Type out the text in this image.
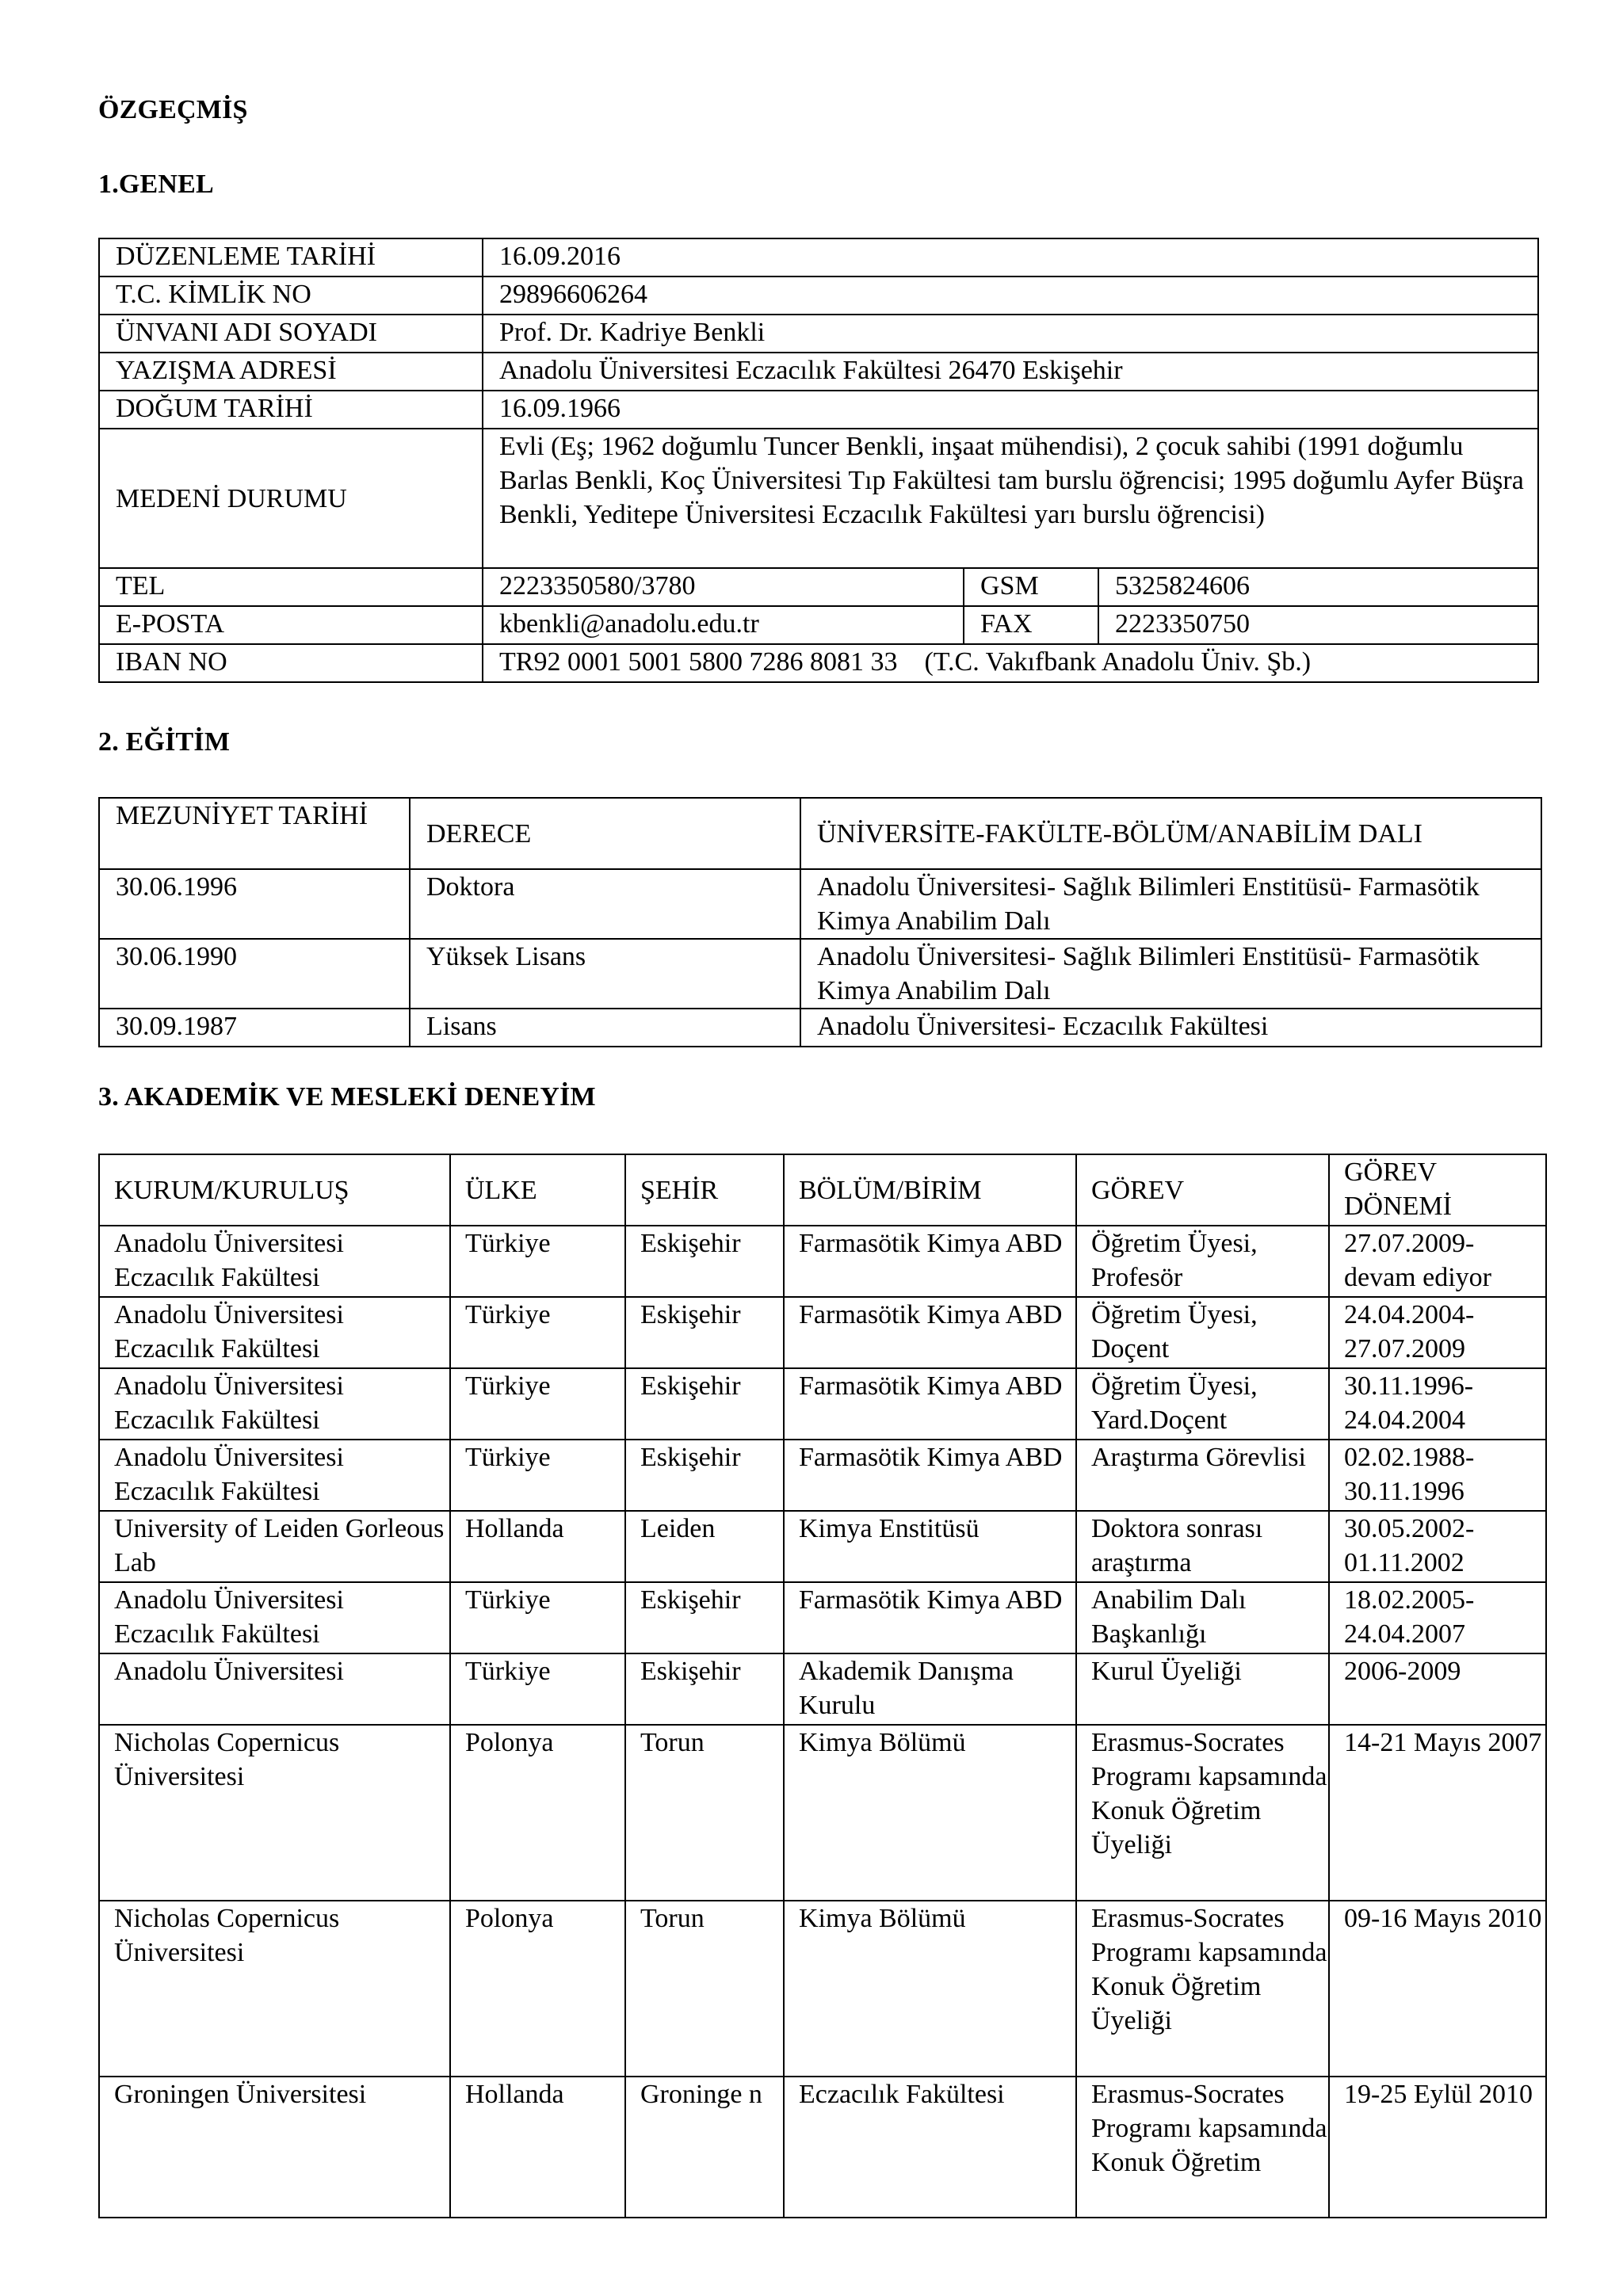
ÖZGEÇMİŞ
1.GENEL
DÜZENLEME TARİHİ	16.09.2016		
T.C. KİMLİK NO	29896606264		
ÜNVANI ADI SOYADI	Prof. Dr. Kadriye Benkli		
YAZIŞMA ADRESİ	Anadolu Üniversitesi Eczacılık Fakültesi 26470 Eskişehir		
DOĞUM TARİHİ	16.09.1966		
MEDENİ DURUMU	Evli (Eş; 1962 doğumlu Tuncer Benkli, inşaat mühendisi), 2 çocuk sahibi (1991 doğumlu Barlas Benkli, Koç Üniversitesi Tıp Fakültesi tam burslu öğrencisi; 1995 doğumlu Ayfer Büşra Benkli, Yeditepe Üniversitesi Eczacılık Fakültesi yarı burslu öğrencisi)		
TEL	2223350580/3780	GSM	5325824606
E-POSTA	kbenkli@anadolu.edu.tr	FAX	2223350750
IBAN NO	TR92 0001 5001 5800 7286 8081 33    (T.C. Vakıfbank Anadolu Üniv. Şb.)		
2. EĞİTİM
MEZUNİYET TARİHİ	DERECE	ÜNİVERSİTE-FAKÜLTE-BÖLÜM/ANABİLİM DALI
30.06.1996	Doktora	Anadolu Üniversitesi- Sağlık Bilimleri Enstitüsü- Farmasötik Kimya Anabilim Dalı
30.06.1990	Yüksek Lisans	Anadolu Üniversitesi- Sağlık Bilimleri Enstitüsü- Farmasötik Kimya Anabilim Dalı
30.09.1987	Lisans	Anadolu Üniversitesi- Eczacılık Fakültesi
3. AKADEMİK VE MESLEKİ DENEYİM
KURUM/KURULUŞ	ÜLKE	ŞEHİR	BÖLÜM/BİRİM	GÖREV	GÖREV DÖNEMİ
Anadolu Üniversitesi Eczacılık Fakültesi	Türkiye	Eskişehir	Farmasötik Kimya ABD	Öğretim Üyesi, Profesör	27.07.2009- devam ediyor
Anadolu Üniversitesi Eczacılık Fakültesi	Türkiye	Eskişehir	Farmasötik Kimya ABD	Öğretim Üyesi, Doçent	24.04.2004- 27.07.2009
Anadolu Üniversitesi Eczacılık Fakültesi	Türkiye	Eskişehir	Farmasötik Kimya ABD	Öğretim Üyesi, Yard.Doçent	30.11.1996- 24.04.2004
Anadolu Üniversitesi Eczacılık Fakültesi	Türkiye	Eskişehir	Farmasötik Kimya ABD	Araştırma Görevlisi	02.02.1988- 30.11.1996
University of Leiden Gorleous Lab	Hollanda	Leiden	Kimya Enstitüsü	Doktora sonrası araştırma	30.05.2002- 01.11.2002
Anadolu Üniversitesi Eczacılık Fakültesi	Türkiye	Eskişehir	Farmasötik Kimya ABD	Anabilim Dalı Başkanlığı	18.02.2005- 24.04.2007
Anadolu Üniversitesi	Türkiye	Eskişehir	Akademik Danışma Kurulu	Kurul Üyeliği	2006-2009
Nicholas Copernicus Üniversitesi	Polonya	Torun	Kimya Bölümü	Erasmus-Socrates Programı kapsamında Konuk Öğretim Üyeliği	14-21 Mayıs 2007
Nicholas Copernicus Üniversitesi	Polonya	Torun	Kimya Bölümü	Erasmus-Socrates Programı kapsamında Konuk Öğretim Üyeliği	09-16 Mayıs 2010
Groningen Üniversitesi	Hollanda	Groninge n	Eczacılık Fakültesi	Erasmus-Socrates Programı kapsamında Konuk Öğretim	19-25 Eylül 2010
